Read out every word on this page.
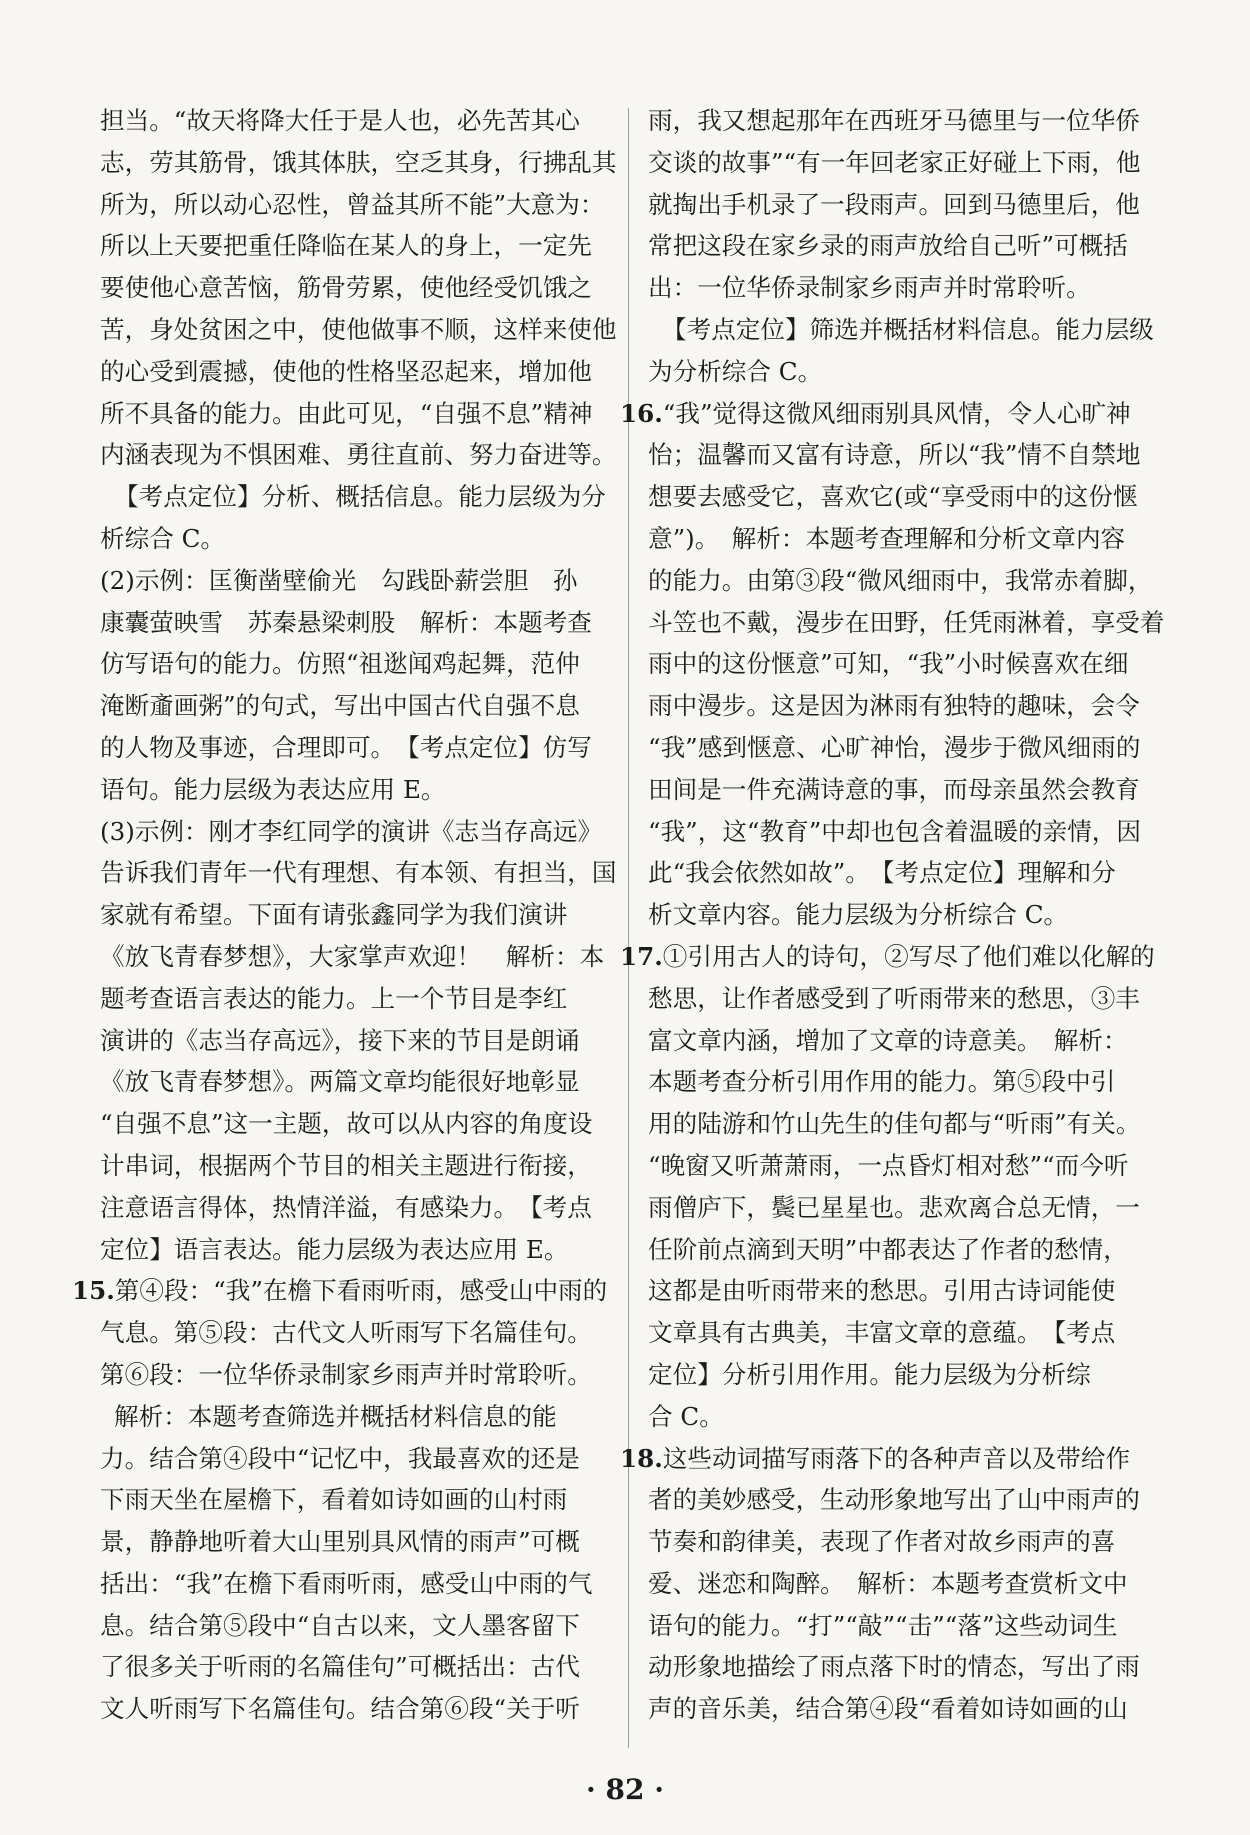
担当。“故天将降大任于是人也，必先苦其心
志，劳其筋骨，饿其体肤，空乏其身，行拂乱其
所为，所以动心忍性，曾益其所不能”大意为：
所以上天要把重任降临在某人的身上，一定先
要使他心意苦恼，筋骨劳累，使他经受饥饿之
苦，身处贫困之中，使他做事不顺，这样来使他
的心受到震撼，使他的性格坚忍起来，增加他
所不具备的能力。由此可见，“自强不息”精神
内涵表现为不惧困难、勇往直前、努力奋进等。
【考点定位】分析、概括信息。能力层级为分
析综合 C。
(2)示例：匡衡凿壁偷光　勾践卧薪尝胆　孙
康囊萤映雪　苏秦悬梁刺股　解析：本题考查
仿写语句的能力。仿照“祖逖闻鸡起舞，范仲
淹断齑画粥”的句式，写出中国古代自强不息
的人物及事迹，合理即可。　【考点定位】仿写
语句。能力层级为表达应用 E。
(3)示例：刚才李红同学的演讲《志当存高远》
告诉我们青年一代有理想、有本领、有担当，国
家就有希望。下面有请张鑫同学为我们演讲
《放飞青春梦想》，大家掌声欢迎！　解析：本
题考查语言表达的能力。上一个节目是李红
演讲的《志当存高远》，接下来的节目是朗诵
《放飞青春梦想》。两篇文章均能很好地彰显
“自强不息”这一主题，故可以从内容的角度设
计串词，根据两个节目的相关主题进行衔接，
注意语言得体，热情洋溢，有感染力。　【考点
定位】语言表达。能力层级为表达应用 E。
15.第④段：“我”在檐下看雨听雨，感受山中雨的
气息。第⑤段：古代文人听雨写下名篇佳句。
第⑥段：一位华侨录制家乡雨声并时常聆听。
解析：本题考查筛选并概括材料信息的能
力。结合第④段中“记忆中，我最喜欢的还是
下雨天坐在屋檐下，看着如诗如画的山村雨
景，静静地听着大山里别具风情的雨声”可概
括出：“我”在檐下看雨听雨，感受山中雨的气
息。结合第⑤段中“自古以来，文人墨客留下
了很多关于听雨的名篇佳句”可概括出：古代
文人听雨写下名篇佳句。结合第⑥段“关于听
雨，我又想起那年在西班牙马德里与一位华侨
交谈的故事”“有一年回老家正好碰上下雨，他
就掏出手机录了一段雨声。回到马德里后，他
常把这段在家乡录的雨声放给自己听”可概括
出：一位华侨录制家乡雨声并时常聆听。
【考点定位】筛选并概括材料信息。能力层级
为分析综合 C。
16.“我”觉得这微风细雨别具风情，令人心旷神
怡；温馨而又富有诗意，所以“我”情不自禁地
想要去感受它，喜欢它(或“享受雨中的这份惬
意”)。　解析：本题考查理解和分析文章内容
的能力。由第③段“微风细雨中，我常赤着脚，
斗笠也不戴，漫步在田野，任凭雨淋着，享受着
雨中的这份惬意”可知，“我”小时候喜欢在细
雨中漫步。这是因为淋雨有独特的趣味，会令
“我”感到惬意、心旷神怡，漫步于微风细雨的
田间是一件充满诗意的事，而母亲虽然会教育
“我”，这“教育”中却也包含着温暖的亲情，因
此“我会依然如故”。　【考点定位】理解和分
析文章内容。能力层级为分析综合 C。
17.①引用古人的诗句，②写尽了他们难以化解的
愁思，让作者感受到了听雨带来的愁思，③丰
富文章内涵，增加了文章的诗意美。　解析：
本题考查分析引用作用的能力。第⑤段中引
用的陆游和竹山先生的佳句都与“听雨”有关。
“晚窗又听萧萧雨，一点昏灯相对愁”“而今听
雨僧庐下，鬓已星星也。悲欢离合总无情，一
任阶前点滴到天明”中都表达了作者的愁情，
这都是由听雨带来的愁思。引用古诗词能使
文章具有古典美，丰富文章的意蕴。　【考点
定位】分析引用作用。能力层级为分析综
合 C。
18.这些动词描写雨落下的各种声音以及带给作
者的美妙感受，生动形象地写出了山中雨声的
节奏和韵律美，表现了作者对故乡雨声的喜
爱、迷恋和陶醉。　解析：本题考查赏析文中
语句的能力。“打”“敲”“击”“落”这些动词生
动形象地描绘了雨点落下时的情态，写出了雨
声的音乐美，结合第④段“看着如诗如画的山
· 82 ·
